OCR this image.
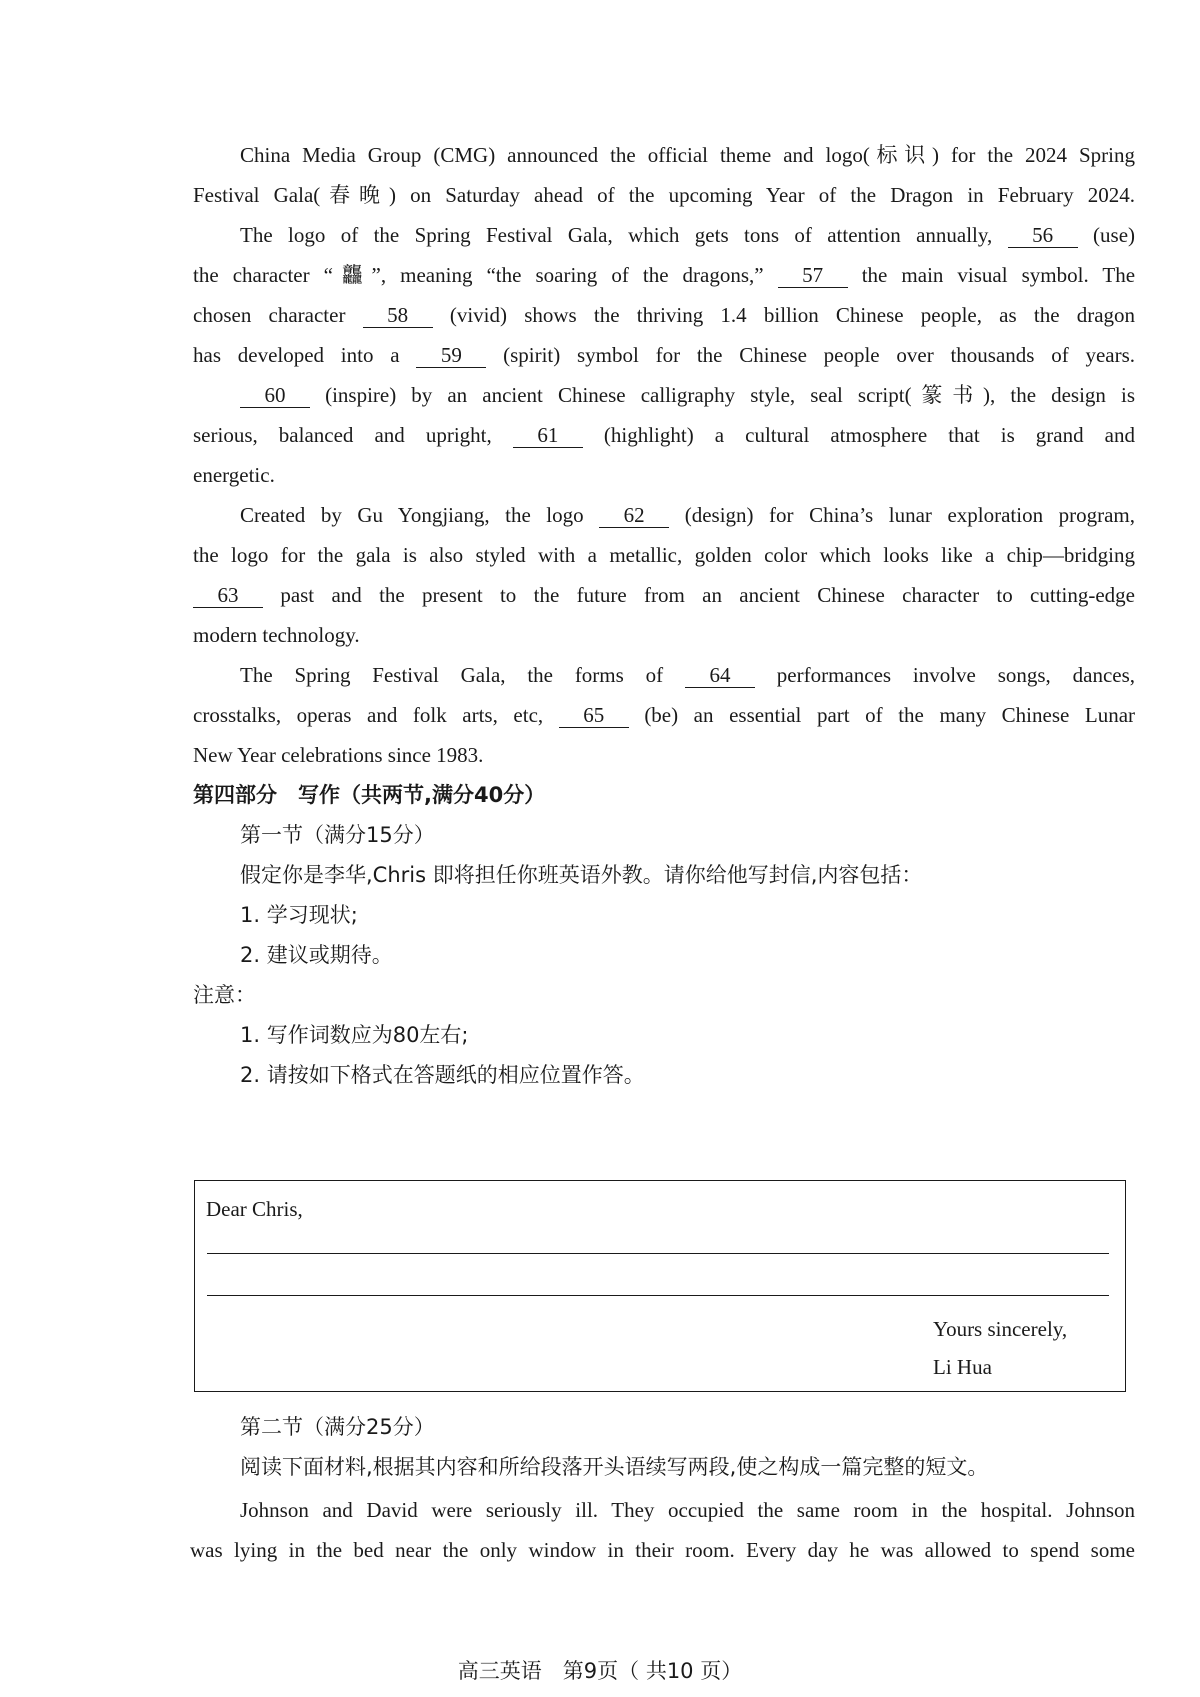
China Media Group (CMG) announced the official theme and logo(标识) for the 2024 Spring
Festival Gala(春晚) on Saturday ahead of the upcoming Year of the Dragon in February 2024.
The logo of the Spring Festival Gala, which gets tons of attention annually, 56 (use)
the character “龘”, meaning “the soaring of the dragons,” 57 the main visual symbol. The
chosen character 58 (vivid) shows the thriving 1.4 billion Chinese people, as the dragon
has developed into a 59 (spirit) symbol for the Chinese people over thousands of years.
60 (inspire) by an ancient Chinese calligraphy style, seal script(篆书), the design is
serious, balanced and upright, 61 (highlight) a cultural atmosphere that is grand and
energetic.
Created by Gu Yongjiang, the logo 62 (design) for China’s lunar exploration program,
the logo for the gala is also styled with a metallic, golden color which looks like a chip—bridging
63 past and the present to the future from an ancient Chinese character to cutting-edge
modern technology.
The Spring Festival Gala, the forms of 64 performances involve songs, dances,
crosstalks, operas and folk arts, etc, 65 (be) an essential part of the many Chinese Lunar
New Year celebrations since 1983.
第四部分　写作（共两节,满分40分）
第一节（满分15分）
假定你是李华,Chris 即将担任你班英语外教。请你给他写封信,内容包括：
1. 学习现状;
2. 建议或期待。
注意：
1. 写作词数应为80左右;
2. 请按如下格式在答题纸的相应位置作答。
Dear Chris,
Yours sincerely,
Li Hua
第二节（满分25分）
阅读下面材料,根据其内容和所给段落开头语续写两段,使之构成一篇完整的短文。
Johnson and David were seriously ill. They occupied the same room in the hospital. Johnson
was lying in the bed near the only window in their room. Every day he was allowed to spend some
高三英语　第9页（ 共10 页）
